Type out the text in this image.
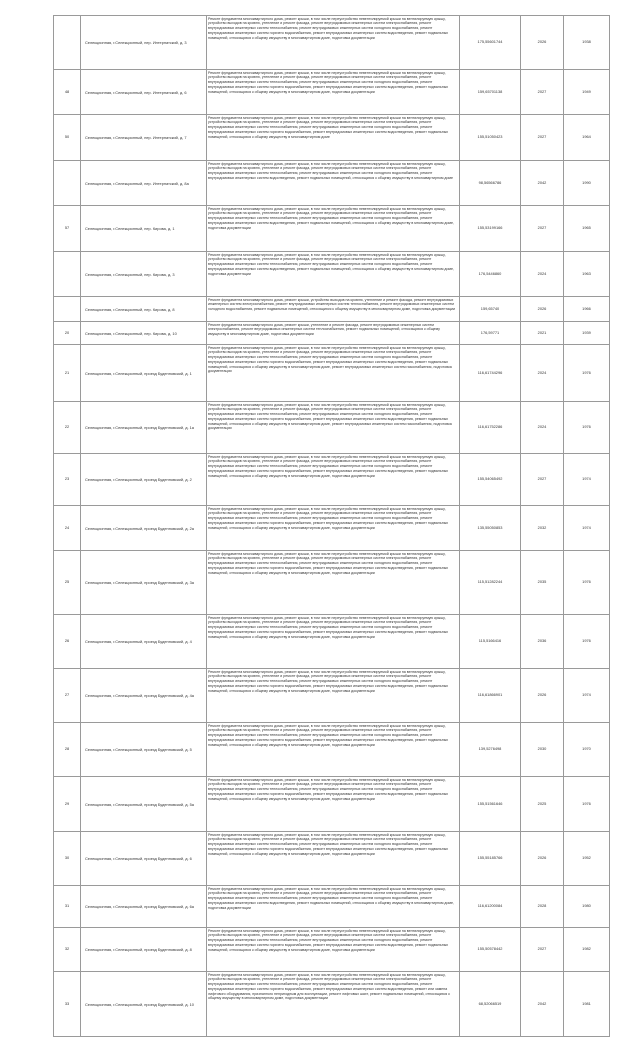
	Селекционная, г.Селекционный, пер. Интернатский, д. 3	Ремонт фундамента многоквартирного дома, ремонт крыши, в том числе переустройство невентилируемой крыши на вентилируемую крышу, устройство выходов на кровлю, утепление и ремонт фасада, ремонт внутридомовых инженерных систем электроснабжения, ремонт внутридомовых инженерных систем теплоснабжения, ремонт внутридомовых инженерных систем холодного водоснабжения, ремонт внутридомовых инженерных систем горячего водоснабжения, ремонт внутридомовых инженерных систем водоотведения, ремонт подвальных помещений, относящихся к общему имуществу в многоквартирном доме, подготовка документации	175,55601744	2026	1938
48	Селекционная, г.Селекционный, пер. Интернатский, д. 6	Ремонт фундамента многоквартирного дома, ремонт крыши, в том числе переустройство невентилируемой крыши на вентилируемую крышу, устройство выходов на кровлю, утепление и ремонт фасада, ремонт внутридомовых инженерных систем электроснабжения, ремонт внутридомовых инженерных систем теплоснабжения, ремонт внутридомовых инженерных систем холодного водоснабжения, ремонт внутридомовых инженерных систем горячего водоснабжения, ремонт внутридомовых инженерных систем водоотведения, ремонт подвальных помещений, относящихся к общему имуществу в многоквартирном доме, подготовка документации	159,65701138	2027	1949
50	Селекционная, г.Селекционный, пер. Интернатский, д. 7	Ремонт фундамента многоквартирного дома, ремонт крыши, в том числе переустройство невентилируемой крыши на вентилируемую крышу, устройство выходов на кровлю, утепление и ремонт фасада, ремонт внутридомовых инженерных систем электроснабжения, ремонт внутридомовых инженерных систем теплоснабжения, ремонт внутридомовых инженерных систем холодного водоснабжения, ремонт внутридомовых инженерных систем горячего водоснабжения, ремонт внутридомовых инженерных систем водоотведения, ремонт подвальных помещений, относящихся к общему имуществу в многоквартирном доме	155,51050423	2027	1964
	Селекционная, г.Селекционный, пер. Интернатский, д. 8а	Ремонт фундамента многоквартирного дома, ремонт крыши, в том числе переустройство невентилируемой крыши на вентилируемую крышу, устройство выходов на кровлю, утепление и ремонт фасада, ремонт внутридомовых инженерных систем электроснабжения, ремонт внутридомовых инженерных систем теплоснабжения, ремонт внутридомовых инженерных систем холодного водоснабжения, ремонт внутридомовых инженерных систем водоотведения, ремонт подвальных помещений, относящихся к общему имуществу в многоквартирном доме	98,56566786	2042	1990
57	Селекционная, г.Селекционный, пер. Кирова, д. 1	Ремонт фундамента многоквартирного дома, ремонт крыши, в том числе переустройство невентилируемой крыши на вентилируемую крышу, устройство выходов на кровлю, утепление и ремонт фасада, ремонт внутридомовых инженерных систем электроснабжения, ремонт внутридомовых инженерных систем теплоснабжения, ремонт внутридомовых инженерных систем холодного водоснабжения, ремонт внутридомовых инженерных систем водоотведения, ремонт подвальных помещений, относящихся к общему имуществу в многоквартирном доме, подготовка документации	155,53199166	2027	1965
	Селекционная, г.Селекционный, пер. Кирова, д. 3	Ремонт фундамента многоквартирного дома, ремонт крыши, в том числе переустройство невентилируемой крыши на вентилируемую крышу, устройство выходов на кровлю, утепление и ремонт фасада, ремонт внутридомовых инженерных систем электроснабжения, ремонт внутридомовых инженерных систем теплоснабжения, ремонт внутридомовых инженерных систем холодного водоснабжения, ремонт внутридомовых инженерных систем водоотведения, ремонт подвальных помещений, относящихся к общему имуществу в многоквартирном доме, подготовка документации	176,5446860	2024	1963
	Селекционная, г.Селекционный, пер. Кирова, д. 8	Ремонт фундамента многоквартирного дома, ремонт крыши, устройство выходов на кровлю, утепление и ремонт фасада, ремонт внутридомовых инженерных систем электроснабжения, ремонт внутридомовых инженерных систем теплоснабжения, ремонт внутридомовых инженерных систем холодного водоснабжения, ремонт подвальных помещений, относящихся к общему имуществу в многоквартирном доме, подготовка документации	159,65740	2026	1966
20	Селекционная, г.Селекционный, пер. Кирова, д. 10	Ремонт фундамента многоквартирного дома, ремонт крыши, утепление и ремонт фасада, ремонт внутридомовых инженерных систем электроснабжения, ремонт внутридомовых инженерных систем теплоснабжения, ремонт подвальных помещений, относящихся к общему имуществу в многоквартирном доме, подготовка документации	176,59771	2021	1939
21	Селекционная, г.Селекционный, проезд Буденновский, д. 1	Ремонт фундамента многоквартирного дома, ремонт крыши, в том числе переустройство невентилируемой крыши на вентилируемую крышу, устройство выходов на кровлю, утепление и ремонт фасада, ремонт внутридомовых инженерных систем электроснабжения, ремонт внутридомовых инженерных систем теплоснабжения, ремонт внутридомовых инженерных систем холодного водоснабжения, ремонт внутридомовых инженерных систем горячего водоснабжения, ремонт внутридомовых инженерных систем водоотведения, ремонт подвальных помещений, относящихся к общему имуществу в многоквартирном доме, ремонт внутридомовых инженерных систем газоснабжения, подготовка документации	116,61744296	2024	1976
22	Селекционная, г.Селекционный, проезд Буденновский, д. 1а	Ремонт фундамента многоквартирного дома, ремонт крыши, в том числе переустройство невентилируемой крыши на вентилируемую крышу, устройство выходов на кровлю, утепление и ремонт фасада, ремонт внутридомовых инженерных систем электроснабжения, ремонт внутридомовых инженерных систем теплоснабжения, ремонт внутридомовых инженерных систем холодного водоснабжения, ремонт внутридомовых инженерных систем горячего водоснабжения, ремонт внутридомовых инженерных систем водоотведения, ремонт подвальных помещений, относящихся к общему имуществу в многоквартирном доме, ремонт внутридомовых инженерных систем газоснабжения, подготовка документации	116,61752286	2024	1976
23	Селекционная, г.Селекционный, проезд Буденновский, д. 2	Ремонт фундамента многоквартирного дома, ремонт крыши, в том числе переустройство невентилируемой крыши на вентилируемую крышу, устройство выходов на кровлю, утепление и ремонт фасада, ремонт внутридомовых инженерных систем электроснабжения, ремонт внутридомовых инженерных систем теплоснабжения, ремонт внутридомовых инженерных систем холодного водоснабжения, ремонт внутридомовых инженерных систем горячего водоснабжения, ремонт внутридомовых инженерных систем водоотведения, ремонт подвальных помещений, относящихся к общему имуществу в многоквартирном доме, подготовка документации	155,54065492	2027	1974
24	Селекционная, г.Селекционный, проезд Буденновский, д. 2а	Ремонт фундамента многоквартирного дома, ремонт крыши, в том числе переустройство невентилируемой крыши на вентилируемую крышу, устройство выходов на кровлю, утепление и ремонт фасада, ремонт внутридомовых инженерных систем электроснабжения, ремонт внутридомовых инженерных систем теплоснабжения, ремонт внутридомовых инженерных систем холодного водоснабжения, ремонт внутридомовых инженерных систем горячего водоснабжения, ремонт внутридомовых инженерных систем водоотведения, ремонт подвальных помещений, относящихся к общему имуществу в многоквартирном доме, подготовка документации	135,55050853	2032	1974
25	Селекционная, г.Селекционный, проезд Буденновский, д. 3а	Ремонт фундамента многоквартирного дома, ремонт крыши, в том числе переустройство невентилируемой крыши на вентилируемую крышу, устройство выходов на кровлю, утепление и ремонт фасада, ремонт внутридомовых инженерных систем электроснабжения, ремонт внутридомовых инженерных систем теплоснабжения, ремонт внутридомовых инженерных систем холодного водоснабжения, ремонт внутридомовых инженерных систем горячего водоснабжения, ремонт внутридомовых инженерных систем водоотведения, ремонт подвальных помещений, относящихся к общему имуществу в многоквартирном доме, подготовка документации	115,51282244	2035	1976
26	Селекционная, г.Селекционный, проезд Буденновский, д. 4	Ремонт фундамента многоквартирного дома, ремонт крыши, в том числе переустройство невентилируемой крыши на вентилируемую крышу, устройство выходов на кровлю, утепление и ремонт фасада, ремонт внутридомовых инженерных систем электроснабжения, ремонт внутридомовых инженерных систем теплоснабжения, ремонт внутридомовых инженерных систем холодного водоснабжения, ремонт внутридомовых инженерных систем горячего водоснабжения, ремонт внутридомовых инженерных систем водоотведения, ремонт подвальных помещений, относящихся к общему имуществу в многоквартирном доме, подготовка документации	115,5166416	2036	1976
27	Селекционная, г.Селекционный, проезд Буденновский, д. 4а	Ремонт фундамента многоквартирного дома, ремонт крыши, в том числе переустройство невентилируемой крыши на вентилируемую крышу, устройство выходов на кровлю, утепление и ремонт фасада, ремонт внутридомовых инженерных систем электроснабжения, ремонт внутридомовых инженерных систем теплоснабжения, ремонт внутридомовых инженерных систем холодного водоснабжения, ремонт внутридомовых инженерных систем горячего водоснабжения, ремонт внутридомовых инженерных систем водоотведения, ремонт подвальных помещений, относящихся к общему имуществу в многоквартирном доме, подготовка документации	116,61866901	2026	1974
28	Селекционная, г.Селекционный, проезд Буденновский, д. 5	Ремонт фундамента многоквартирного дома, ремонт крыши, в том числе переустройство невентилируемой крыши на вентилируемую крышу, устройство выходов на кровлю, утепление и ремонт фасада, ремонт внутридомовых инженерных систем электроснабжения, ремонт внутридомовых инженерных систем теплоснабжения, ремонт внутридомовых инженерных систем холодного водоснабжения, ремонт внутридомовых инженерных систем горячего водоснабжения, ремонт внутридомовых инженерных систем водоотведения, ремонт подвальных помещений, относящихся к общему имуществу в многоквартирном доме, подготовка документации	139,5276498	2030	1970
29	Селекционная, г.Селекционный, проезд Буденновский, д. 5а	Ремонт фундамента многоквартирного дома, ремонт крыши, в том числе переустройство невентилируемой крыши на вентилируемую крышу, устройство выходов на кровлю, утепление и ремонт фасада, ремонт внутридомовых инженерных систем электроснабжения, ремонт внутридомовых инженерных систем теплоснабжения, ремонт внутридомовых инженерных систем холодного водоснабжения, ремонт внутридомовых инженерных систем горячего водоснабжения, ремонт внутридомовых инженерных систем водоотведения, ремонт подвальных помещений, относящихся к общему имуществу в многоквартирном доме, подготовка документации	155,51561646	2025	1976
30	Селекционная, г.Селекционный, проезд Буденновский, д. 6	Ремонт фундамента многоквартирного дома, ремонт крыши, в том числе переустройство невентилируемой крыши на вентилируемую крышу, устройство выходов на кровлю, утепление и ремонт фасада, ремонт внутридомовых инженерных систем электроснабжения, ремонт внутридомовых инженерных систем теплоснабжения, ремонт внутридомовых инженерных систем холодного водоснабжения, ремонт внутридомовых инженерных систем горячего водоснабжения, ремонт внутридомовых инженерных систем водоотведения, ремонт подвальных помещений, относящихся к общему имуществу в многоквартирном доме, подготовка документации	155,55185766	2026	1952
31	Селекционная, г.Селекционный, проезд Буденновский, д. 6а	Ремонт фундамента многоквартирного дома, ремонт крыши, в том числе переустройство невентилируемой крыши на вентилируемую крышу, устройство выходов на кровлю, утепление и ремонт фасада, ремонт внутридомовых инженерных систем электроснабжения, ремонт внутридомовых инженерных систем теплоснабжения, ремонт внутридомовых инженерных систем холодного водоснабжения, ремонт внутридомовых инженерных систем водоотведения, ремонт подвальных помещений, относящихся к общему имуществу в многоквартирном доме, подготовка документации	116,61200084	2028	1980
32	Селекционная, г.Селекционный, проезд Буденновский, д. 8	Ремонт фундамента многоквартирного дома, ремонт крыши, в том числе переустройство невентилируемой крыши на вентилируемую крышу, устройство выходов на кровлю, утепление и ремонт фасада, ремонт внутридомовых инженерных систем электроснабжения, ремонт внутридомовых инженерных систем теплоснабжения, ремонт внутридомовых инженерных систем холодного водоснабжения, ремонт внутридомовых инженерных систем горячего водоснабжения, ремонт внутридомовых инженерных систем водоотведения, ремонт подвальных помещений, относящихся к общему имуществу в многоквартирном доме, подготовка документации	155,50578442	2027	1982
33	Селекционная, г.Селекционный, проезд Буденновский, д. 10	Ремонт фундамента многоквартирного дома, ремонт крыши, в том числе переустройство невентилируемой крыши на вентилируемую крышу, устройство выходов на кровлю, утепление и ремонт фасада, ремонт внутридомовых инженерных систем электроснабжения, ремонт внутридомовых инженерных систем теплоснабжения, ремонт внутридомовых инженерных систем холодного водоснабжения, ремонт внутридомовых инженерных систем горячего водоснабжения, ремонт внутридомовых инженерных систем водоотведения, ремонт или замена лифтового оборудования, признанного непригодным для эксплуатации, ремонт лифтовых шахт, ремонт подвальных помещений, относящихся к общему имуществу в многоквартирном доме, подготовка документации	68,52066519	2042	1981
